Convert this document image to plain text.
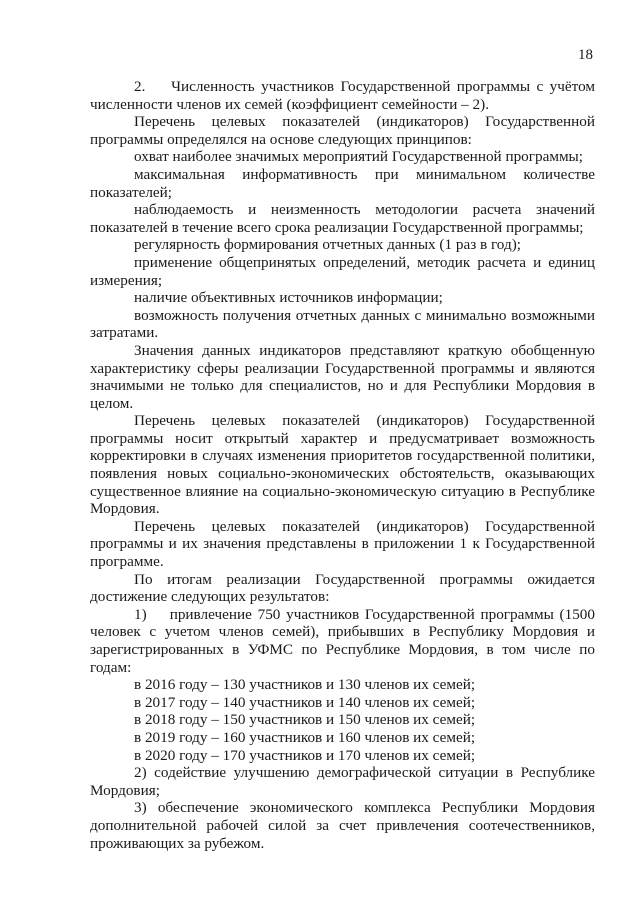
18

2.    Численность участников Государственной программы с учётом численности членов их семей (коэффициент семейности – 2).

Перечень целевых показателей (индикаторов) Государственной программы определялся на основе следующих принципов:

охват наиболее значимых мероприятий Государственной программы;

максимальная информативность при минимальном количестве показателей;

наблюдаемость и неизменность методологии расчета значений показателей в течение всего срока реализации Государственной программы;

регулярность формирования отчетных данных (1 раз в год);

применение общепринятых определений, методик расчета и единиц измерения;

наличие объективных источников информации;

возможность получения отчетных данных с минимально возможными затратами.

Значения данных индикаторов представляют краткую обобщенную характеристику сферы реализации Государственной программы и являются значимыми не только для специалистов, но и для Республики Мордовия в целом.

Перечень целевых показателей (индикаторов) Государственной программы носит открытый характер и предусматривает возможность корректировки в случаях изменения приоритетов государственной политики, появления новых социально-экономических обстоятельств, оказывающих существенное влияние на социально-экономическую ситуацию в Республике Мордовия.

Перечень целевых показателей (индикаторов) Государственной программы и их значения представлены в приложении 1 к Государственной программе.

По итогам реализации Государственной программы ожидается достижение следующих результатов:

1)    привлечение 750 участников Государственной программы (1500 человек с учетом членов семей), прибывших в Республику Мордовия и зарегистрированных в УФМС по Республике Мордовия, в том числе по годам:

в 2016 году – 130 участников и 130 членов их семей;

в 2017 году – 140 участников и 140 членов их семей;

в 2018 году – 150 участников и 150 членов их семей;

в 2019 году – 160 участников и 160 членов их семей;

в 2020 году – 170 участников и 170 членов их семей;

2) содействие улучшению демографической ситуации в Республике Мордовия;

3) обеспечение экономического комплекса Республики Мордовия дополнительной рабочей силой за счет привлечения соотечественников, проживающих за рубежом.
